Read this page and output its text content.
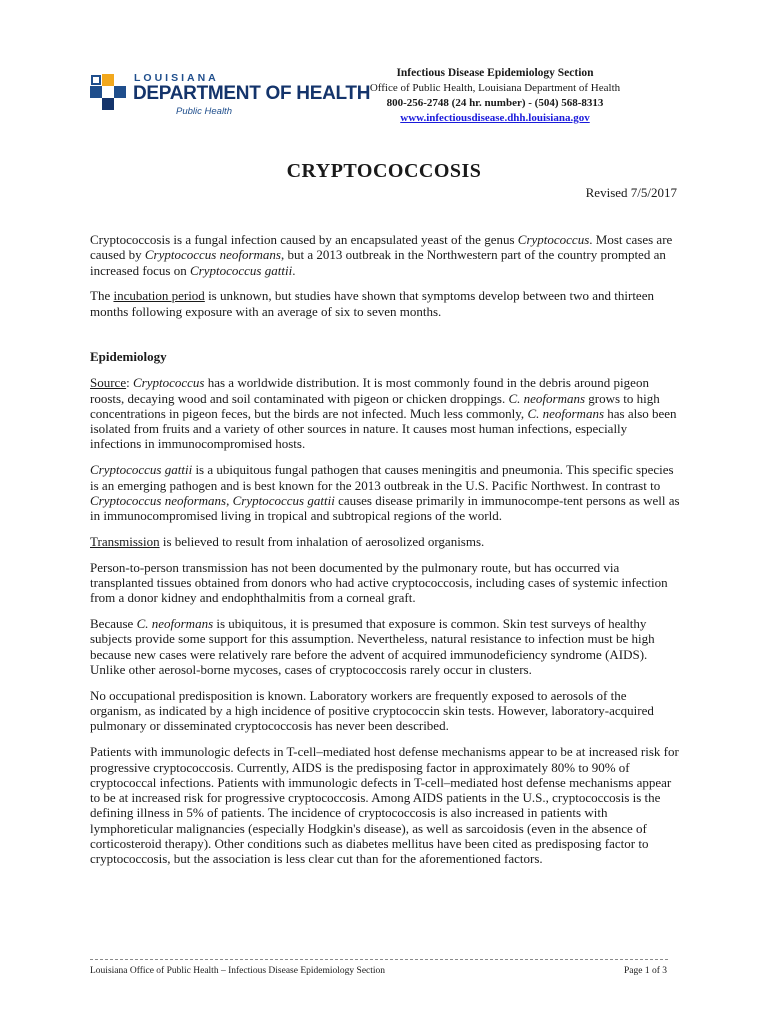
LOUISIANA
DEPARTMENT OF HEALTH
Public Health
Infectious Disease Epidemiology Section
Office of Public Health, Louisiana Department of Health
800-256-2748 (24 hr. number) - (504) 568-8313
www.infectiousdisease.dhh.louisiana.gov
CRYPTOCOCCOSIS
Revised 7/5/2017

Cryptococcosis is a fungal infection caused by an encapsulated yeast of the genus Cryptococcus. Most cases are caused by Cryptococcus neoformans, but a 2013 outbreak in the Northwestern part of the country prompted an increased focus on Cryptococcus gattii.

The incubation period is unknown, but studies have shown that symptoms develop between two and thirteen months following exposure with an average of six to seven months.

Epidemiology

Source: Cryptococcus has a worldwide distribution. It is most commonly found in the debris around pigeon roosts, decaying wood and soil contaminated with pigeon or chicken droppings. C. neoformans grows to high concentrations in pigeon feces, but the birds are not infected. Much less commonly, C. neoformans has also been isolated from fruits and a variety of other sources in nature. It causes most human infections, especially infections in immunocompromised hosts.

Cryptococcus gattii is a ubiquitous fungal pathogen that causes meningitis and pneumonia. This specific species is an emerging pathogen and is best known for the 2013 outbreak in the U.S. Pacific Northwest. In contrast to Cryptococcus neoformans, Cryptococcus gattii causes disease primarily in immunocompe-tent persons as well as in immunocompromised living in tropical and subtropical regions of the world.

Transmission is believed to result from inhalation of aerosolized organisms.

Person-to-person transmission has not been documented by the pulmonary route, but has occurred via transplanted tissues obtained from donors who had active cryptococcosis, including cases of systemic infection from a donor kidney and endophthalmitis from a corneal graft.

Because C. neoformans is ubiquitous, it is presumed that exposure is common. Skin test surveys of healthy subjects provide some support for this assumption. Nevertheless, natural resistance to infection must be high because new cases were relatively rare before the advent of acquired immunodeficiency syndrome (AIDS). Unlike other aerosol-borne mycoses, cases of cryptococcosis rarely occur in clusters.

No occupational predisposition is known. Laboratory workers are frequently exposed to aerosols of the organism, as indicated by a high incidence of positive cryptococcin skin tests. However, laboratory-acquired pulmonary or disseminated cryptococcosis has never been described.

Patients with immunologic defects in T-cell–mediated host defense mechanisms appear to be at increased risk for progressive cryptococcosis. Currently, AIDS is the predisposing factor in approximately 80% to 90% of cryptococcal infections. Patients with immunologic defects in T-cell–mediated host defense mechanisms appear to be at increased risk for progressive cryptococcosis. Among AIDS patients in the U.S., cryptococcosis is the defining illness in 5% of patients. The incidence of cryptococcosis is also increased in patients with lymphoreticular malignancies (especially Hodgkin's disease), as well as sarcoidosis (even in the absence of corticosteroid therapy). Other conditions such as diabetes mellitus have been cited as predisposing factor to cryptococcosis, but the association is less clear cut than for the aforementioned factors.

Louisiana Office of Public Health – Infectious Disease Epidemiology Section	Page 1 of 3
